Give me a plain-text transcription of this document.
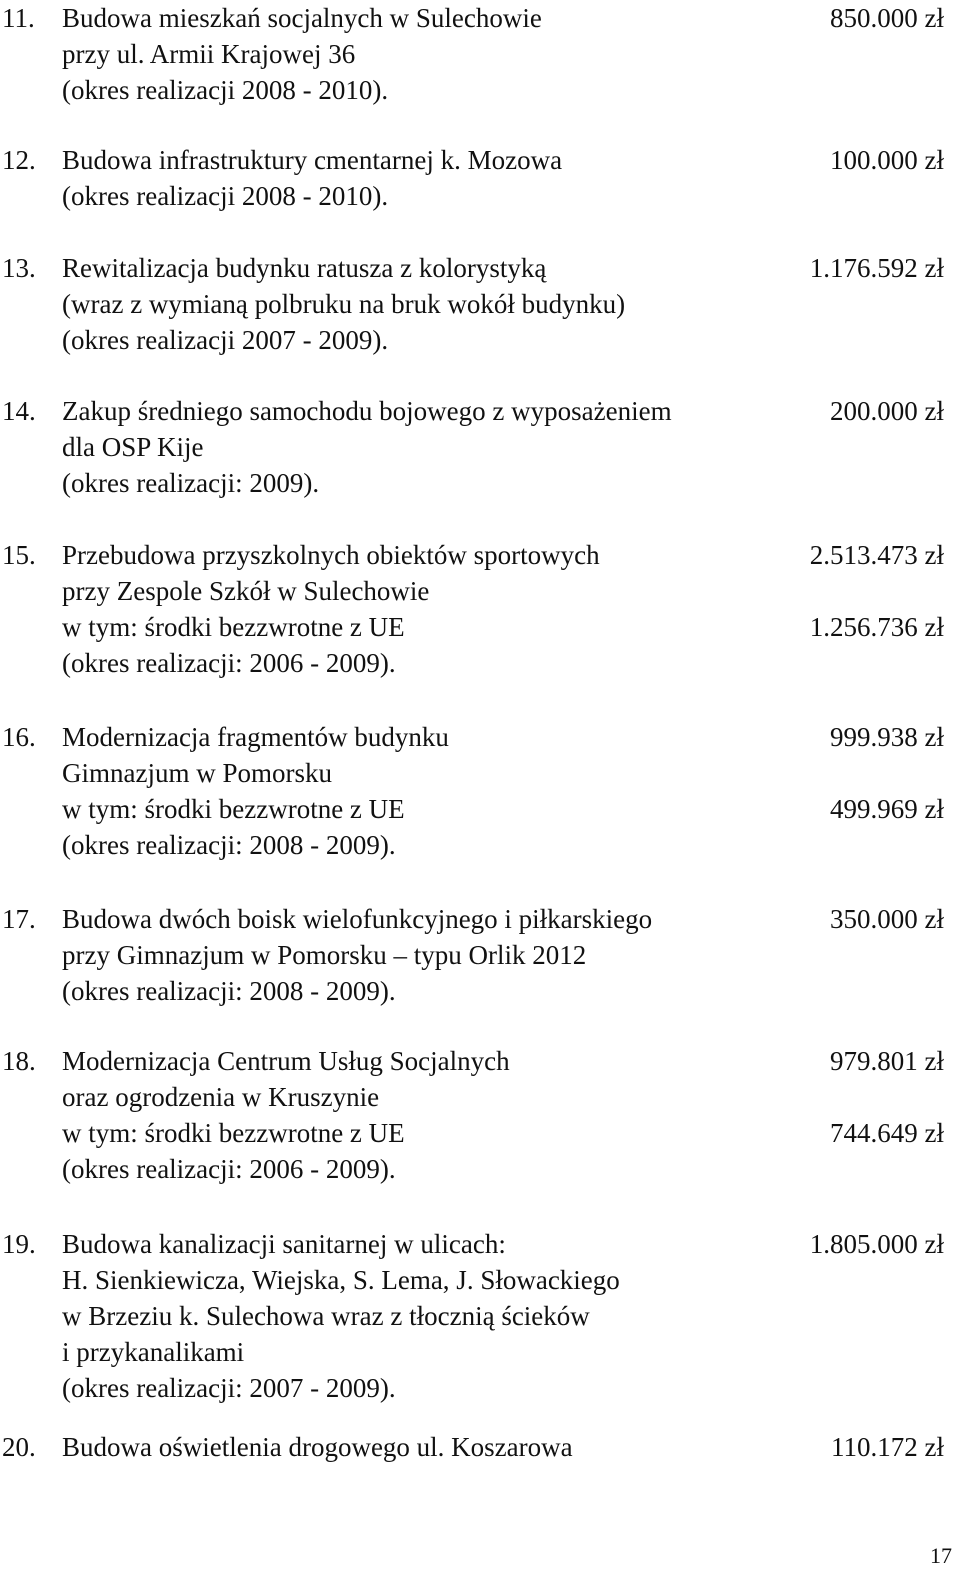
11. Budowa mieszkań socjalnych w Sulechowie	850.000 zł
przy ul. Armii Krajowej 36
(okres realizacji 2008 - 2010).
12. Budowa infrastruktury cmentarnej k. Mozowa	100.000 zł
(okres realizacji 2008 - 2010).
13. Rewitalizacja budynku ratusza z kolorystyką	1.176.592 zł
(wraz z wymianą polbruku na bruk wokół budynku)
(okres realizacji 2007 - 2009).
14. Zakup średniego samochodu bojowego z wyposażeniem	200.000 zł
dla OSP Kije
(okres realizacji: 2009).
15. Przebudowa przyszkolnych obiektów sportowych	2.513.473 zł
przy Zespole Szkół w Sulechowie
w tym: środki bezzwrotne z UE	1.256.736 zł
(okres realizacji: 2006 - 2009).
16. Modernizacja fragmentów budynku	999.938 zł
Gimnazjum w Pomorsku
w tym: środki bezzwrotne z UE	499.969 zł
(okres realizacji: 2008 - 2009).
17. Budowa dwóch boisk wielofunkcyjnego i piłkarskiego	350.000 zł
przy Gimnazjum w Pomorsku – typu Orlik 2012
(okres realizacji: 2008 - 2009).
18. Modernizacja Centrum Usług Socjalnych	979.801 zł
oraz ogrodzenia w Kruszynie
w tym: środki bezzwrotne z UE	744.649 zł
(okres realizacji: 2006 - 2009).
19. Budowa kanalizacji sanitarnej w ulicach:	1.805.000 zł
H. Sienkiewicza, Wiejska, S. Lema, J. Słowackiego
w Brzeziu k. Sulechowa wraz z tłocznią ścieków
i przykanalikami
(okres realizacji: 2007 - 2009).
20. Budowa oświetlenia drogowego ul. Koszarowa	110.172 zł
17
